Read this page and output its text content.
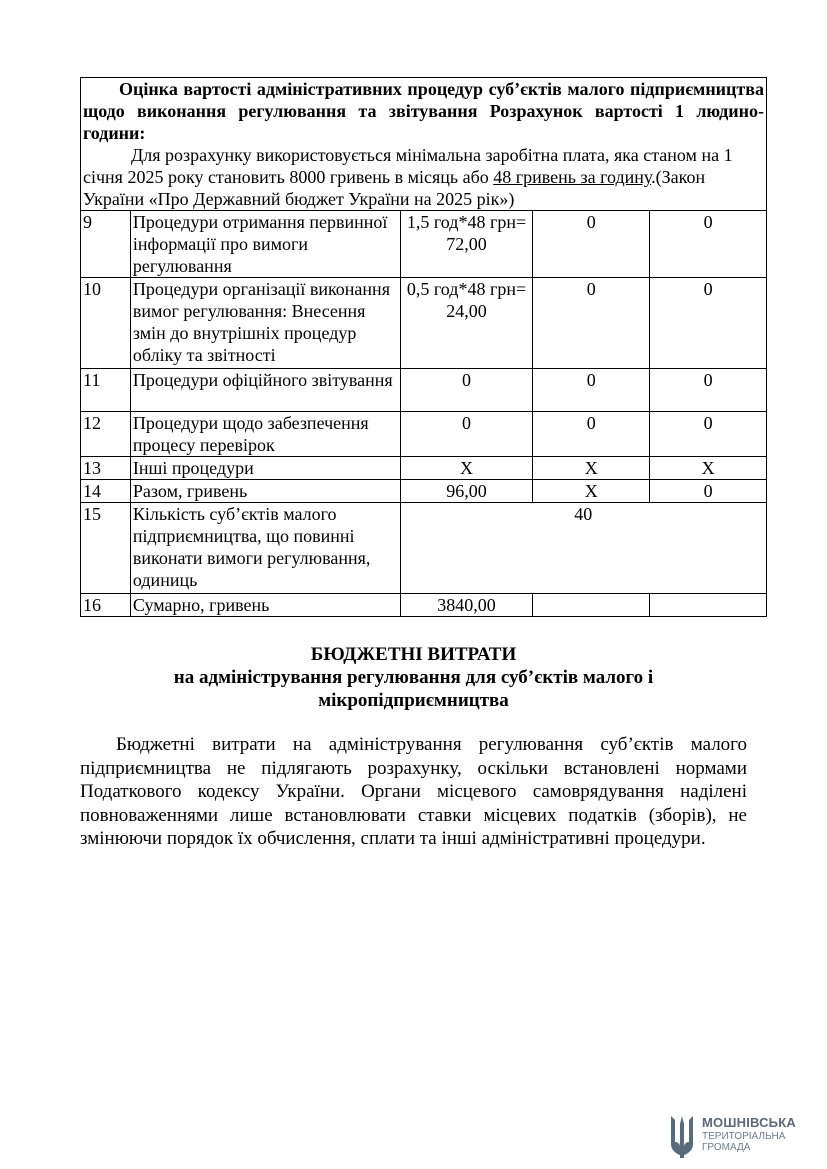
Оцінка вартості адміністративних процедур суб’єктів малого підприємництва щодо виконання регулювання та звітування Розрахунок вартості 1 людино-години:
Для розрахунку використовується мінімальна заробітна плата, яка станом на 1 січня 2025 року становить 8000 гривень в місяць або 48 гривень за годину.(Закон України «Про Державний бюджет України на 2025 рік»)				

9	Процедури отримання первинної інформації про вимоги регулювання	1,5 год*48 грн= 72,00	0	0
10	Процедури організації виконання вимог регулювання: Внесення змін до внутрішніх процедур обліку та звітності	0,5 год*48 грн= 24,00	0	0
11	Процедури офіційного звітування	0	0	0
12	Процедури щодо забезпечення процесу перевірок	0	0	0
13	Інші процедури	Х	Х	Х
14	Разом, гривень	96,00	Х	0
15	Кількість суб’єктів малого підприємництва, що повинні виконати вимоги регулювання, одиниць	40		
16	Сумарно, гривень	3840,00		
БЮДЖЕТНІ ВИТРАТИ
на адміністрування регулювання для суб’єктів малого і
мікропідприємництва
Бюджетні витрати на адміністрування регулювання суб’єктів малого підприємництва не підлягають розрахунку, оскільки встановлені нормами Податкового кодексу України. Органи місцевого самоврядування наділені повноваженнями лише встановлювати ставки місцевих податків (зборів), не змінюючи порядок їх обчислення, сплати та інші адміністративні процедури.
МОШНІВСЬКА
ТЕРИТОРІАЛЬНА
ГРОМАДА
